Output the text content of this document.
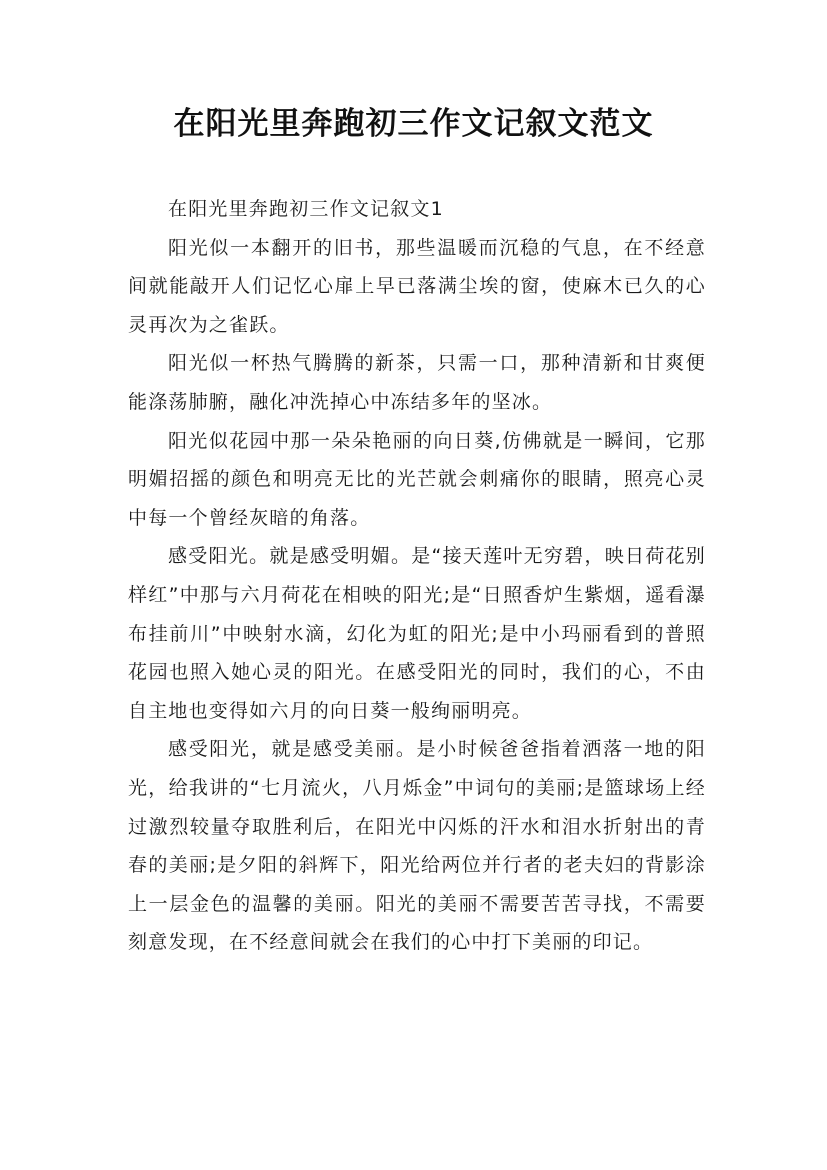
在阳光里奔跑初三作文记叙文范文

在阳光里奔跑初三作文记叙文1

阳光似一本翻开的旧书，那些温暖而沉稳的气息，在不经意间就能敲开人们记忆心扉上早已落满尘埃的窗，使麻木已久的心灵再次为之雀跃。

阳光似一杯热气腾腾的新茶，只需一口，那种清新和甘爽便能涤荡肺腑，融化冲洗掉心中冻结多年的坚冰。

阳光似花园中那一朵朵艳丽的向日葵,仿佛就是一瞬间，它那明媚招摇的颜色和明亮无比的光芒就会刺痛你的眼睛，照亮心灵中每一个曾经灰暗的角落。

感受阳光。就是感受明媚。是“接天莲叶无穷碧，映日荷花别样红”中那与六月荷花在相映的阳光;是“日照香炉生紫烟，遥看瀑布挂前川”中映射水滴，幻化为虹的阳光;是中小玛丽看到的普照花园也照入她心灵的阳光。在感受阳光的同时，我们的心，不由自主地也变得如六月的向日葵一般绚丽明亮。

感受阳光，就是感受美丽。是小时候爸爸指着洒落一地的阳光，给我讲的“七月流火，八月烁金”中词句的美丽;是篮球场上经过激烈较量夺取胜利后，在阳光中闪烁的汗水和泪水折射出的青春的美丽;是夕阳的斜辉下，阳光给两位并行者的老夫妇的背影涂上一层金色的温馨的美丽。阳光的美丽不需要苦苦寻找，不需要刻意发现，在不经意间就会在我们的心中打下美丽的印记。
